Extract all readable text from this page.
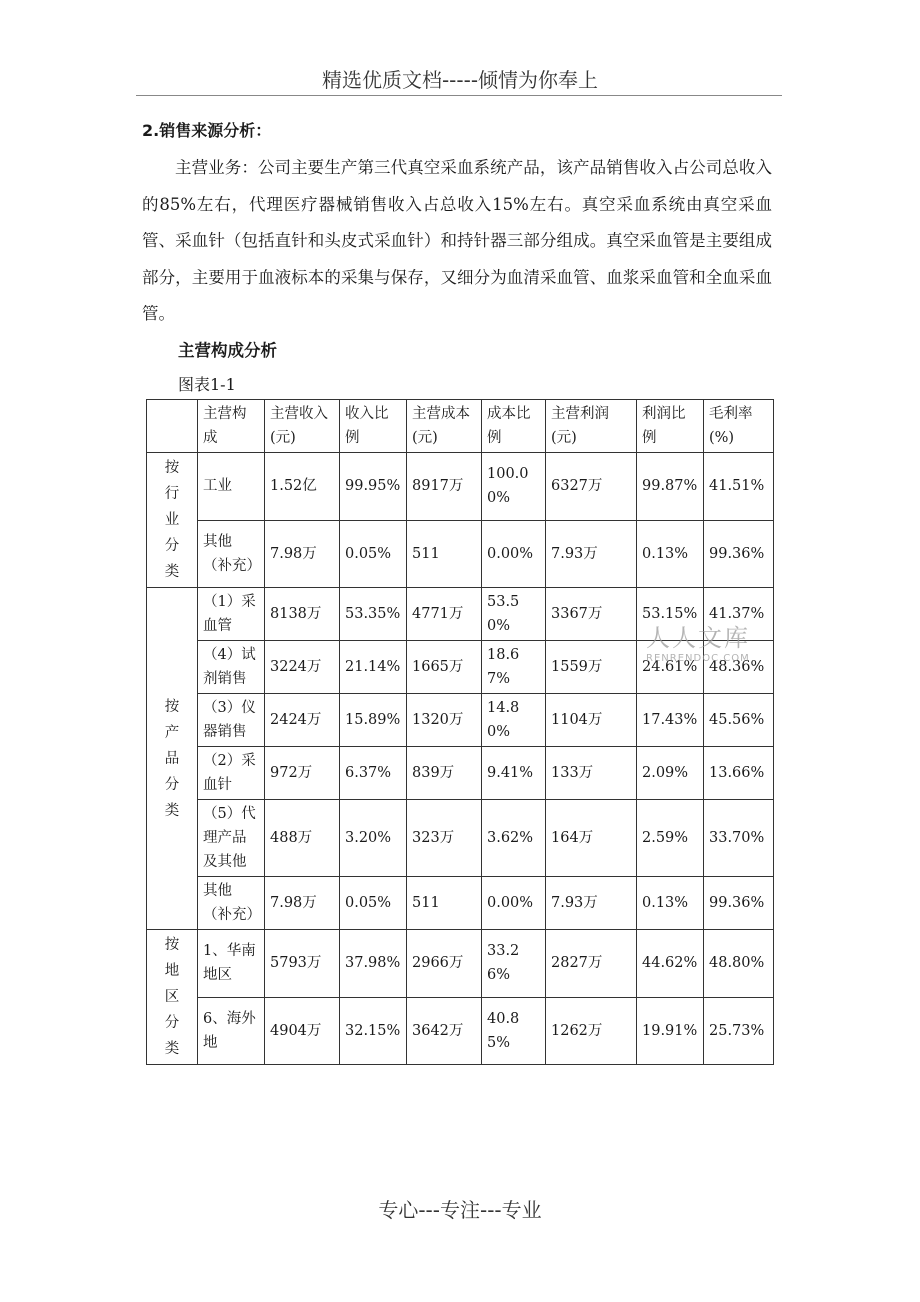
精选优质文档-----倾情为你奉上
2.销售来源分析：
主营业务：公司主要生产第三代真空采血系统产品，该产品销售收入占公司总收入的85%左右，代理医疗器械销售收入占总收入15%左右。真空采血系统由真空采血管、采血针（包括直针和头皮式采血针）和持针器三部分组成。真空采血管是主要组成部分，主要用于血液标本的采集与保存，又细分为血清采血管、血浆采血管和全血采血管。
主营构成分析
图表1-1
	主营构成	主营收入(元)	收入比例	主营成本(元)	成本比例	主营利润(元)	利润比例	毛利率(%)
按行业分类	工业	1.52亿	99.95%	8917万	100.00%	6327万	99.87%	41.51%
	其他（补充）	7.98万	0.05%	511	0.00%	7.93万	0.13%	99.36%
按产品分类	（1）采血管	8138万	53.35%	4771万	53.50%	3367万	53.15%	41.37%
	（4）试剂销售	3224万	21.14%	1665万	18.67%	1559万	24.61%	48.36%
	（3）仪器销售	2424万	15.89%	1320万	14.80%	1104万	17.43%	45.56%
	（2）采血针	972万	6.37%	839万	9.41%	133万	2.09%	13.66%
	（5）代理产品及其他	488万	3.20%	323万	3.62%	164万	2.59%	33.70%
	其他（补充）	7.98万	0.05%	511	0.00%	7.93万	0.13%	99.36%
按地区分类	1、华南地区	5793万	37.98%	2966万	33.26%	2827万	44.62%	48.80%
	6、海外地	4904万	32.15%	3642万	40.85%	1262万	19.91%	25.73%
人人文库
RENRENDOC.COM
专心---专注---专业
